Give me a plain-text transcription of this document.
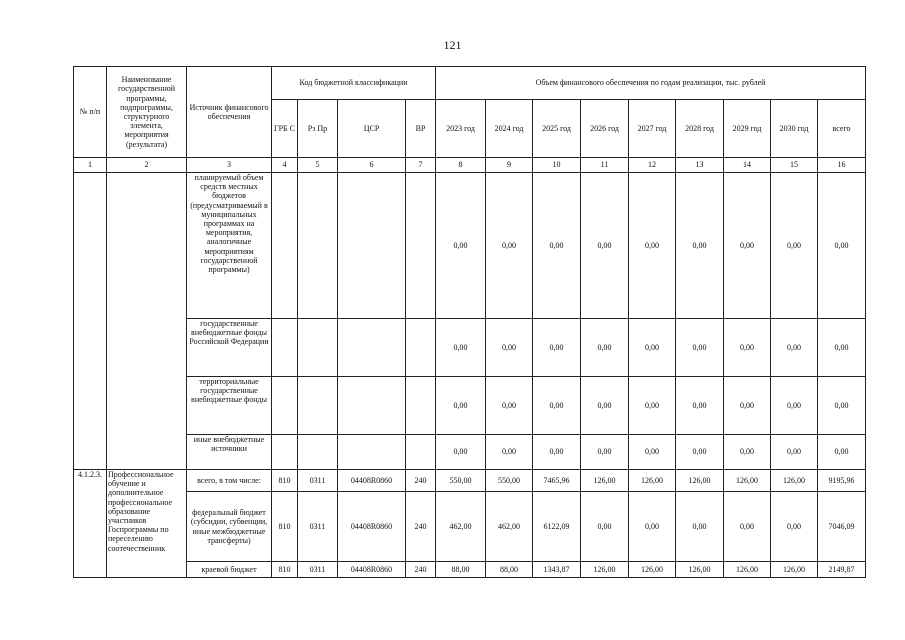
121
№ п/п	Наименование государственной программы, подпрограммы, структурного элемента, мероприятия (результата)	Источник финансового обеспечения	Код бюджетной классификации				Объем финансового обеспечения по годам реализации, тыс. рублей								
			ГРБ С	Рз Пр	ЦСР	ВР	2023 год	2024 год	2025 год	2026 год	2027 год	2028 год	2029 год	2030 год	всего
1	2	3	4	5	6	7	8	9	10	11	12	13	14	15	16
		планируемый объем средств местных бюджетов (предусматриваемый в муниципальных программах на мероприятия, аналогичные мероприятиям государственной программы)					0,00	0,00	0,00	0,00	0,00	0,00	0,00	0,00	0,00
		государственные внебюджетные фонды Российской Федерации					0,00	0,00	0,00	0,00	0,00	0,00	0,00	0,00	0,00
		территориальные государственные внебюджетные фонды					0,00	0,00	0,00	0,00	0,00	0,00	0,00	0,00	0,00
		иные внебюджетные источники					0,00	0,00	0,00	0,00	0,00	0,00	0,00	0,00	0,00
4.1.2.3.	Профессиональное обучение и дополнительное профессиональное образование участников Госпрограммы по переселению соотечественник	всего, в том числе:	810	0311	04408R0860	240	550,00	550,00	7465,96	126,00	126,00	126,00	126,00	126,00	9195,96
		федеральный бюджет (субсидии, субвенции, иные межбюджетные трансферты)	810	0311	04408R0860	240	462,00	462,00	6122,09	0,00	0,00	0,00	0,00	0,00	7046,09
		краевой бюджет	810	0311	04408R0860	240	88,00	88,00	1343,87	126,00	126,00	126,00	126,00	126,00	2149,87
